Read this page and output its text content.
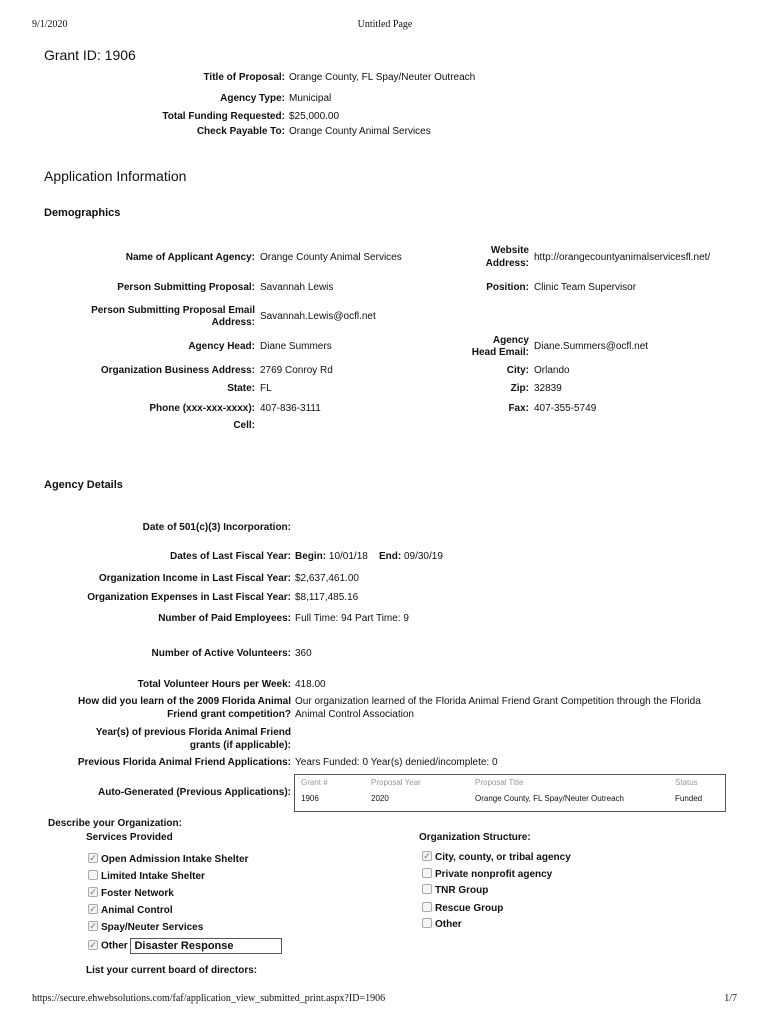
9/1/2020	Untitled Page
Grant ID: 1906
Title of Proposal: Orange County, FL Spay/Neuter Outreach
Agency Type: Municipal
Total Funding Requested: $25,000.00
Check Payable To: Orange County Animal Services
Application Information
Demographics
Name of Applicant Agency: Orange County Animal Services
Person Submitting Proposal: Savannah Lewis
Person Submitting Proposal Email
Address:
Savannah.Lewis@ocfl.net
Agency Head: Diane Summers
Organization Business Address: 2769 Conroy Rd
State: FL
Phone (xxx-xxx-xxxx): 407-836-3111
Cell:
Website
Address:
http://orangecountyanimalservicesfl.net/
Position: Clinic Team Supervisor
Agency
Head Email:
Diane.Summers@ocfl.net
City: Orlando
Zip: 32839
Fax: 407-355-5749
Agency Details
Date of 501(c)(3) Incorporation:
Dates of Last Fiscal Year: Begin: 10/01/18 End: 09/30/19
Organization Income in Last Fiscal Year: $2,637,461.00
Organization Expenses in Last Fiscal Year: $8,117,485.16
Number of Paid Employees: Full Time: 94 Part Time: 9
Number of Active Volunteers: 360
Total Volunteer Hours per Week: 418.00
How did you learn of the 2009 Florida Animal
Friend grant competition?
Our organization learned of the Florida Animal Friend Grant Competition through the Florida
Animal Control Association
Year(s) of previous Florida Animal Friend
grants (if applicable):
Previous Florida Animal Friend Applications: Years Funded: 0 Year(s) denied/incomplete: 0
Auto-Generated (Previous Applications):
Grant #	Proposal Year	Proposal Title	Status
1906	2020	Orange County, FL Spay/Neuter Outreach	Funded
Describe your Organization:
Services Provided
✓Open Admission Intake Shelter
Limited Intake Shelter
✓Foster Network
✓Animal Control
✓Spay/Neuter Services
✓Other Disaster Response
Organization Structure:
✓City, county, or tribal agency
Private nonprofit agency
TNR Group
Rescue Group
Other
List your current board of directors:
https://secure.ehwebsolutions.com/faf/application_view_submitted_print.aspx?ID=1906	1/7
